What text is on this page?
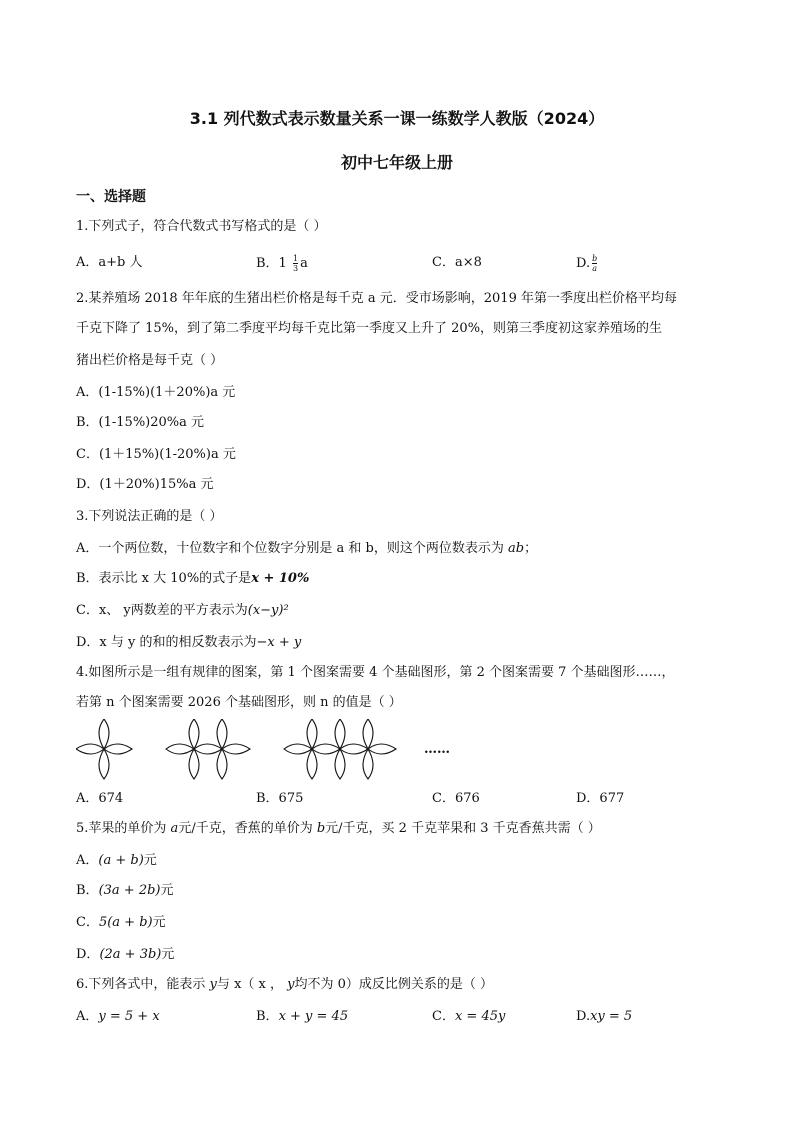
3.1 列代数式表示数量关系一课一练数学人教版（2024）
初中七年级上册
一、选择题
1.下列式子，符合代数式书写格式的是（ ）
A．a+b 人	B．$1 \frac{1}{3}$ a	C．a×8	D. $\frac{b}{a}$
2.某养殖场 2018 年年底的生猪出栏价格是每千克 a 元．受市场影响，2019 年第一季度出栏价格平均每
千克下降了 15%，到了第二季度平均每千克比第一季度又上升了 20%，则第三季度初这家养殖场的生
猪出栏价格是每千克（ ）
A．(1-15%)(1＋20%)a 元
B．(1-15%)20%a 元
C．(1＋15%)(1-20%)a 元
D．(1＋20%)15%a 元
3.下列说法正确的是（ ）
A．一个两位数，十位数字和个位数字分别是 a 和 b，则这个两位数表示为 ab；
B．表示比 x 大 10%的式子是x + 10%
C．x、 y两数差的平方表示为(x−y)²
D．x 与 y 的和的相反数表示为−x + y
4.如图所示是一组有规律的图案，第 1 个图案需要 4 个基础图形，第 2 个图案需要 7 个基础图形……，
若第 n 个图案需要 2026 个基础图形，则 n 的值是（ ）
……
A．674	B．675	C．676	D．677
5.苹果的单价为 a元/千克，香蕉的单价为 b元/千克，买 2 千克苹果和 3 千克香蕉共需（ ）
A．(a + b)元
B．(3a + 2b)元
C．5(a + b)元
D．(2a + 3b)元
6.下列各式中，能表示 y与 x（ x ， y均不为 0）成反比例关系的是（ ）
A．y = 5 + x	B．x + y = 45	C．x = 45y	D.xy = 5
